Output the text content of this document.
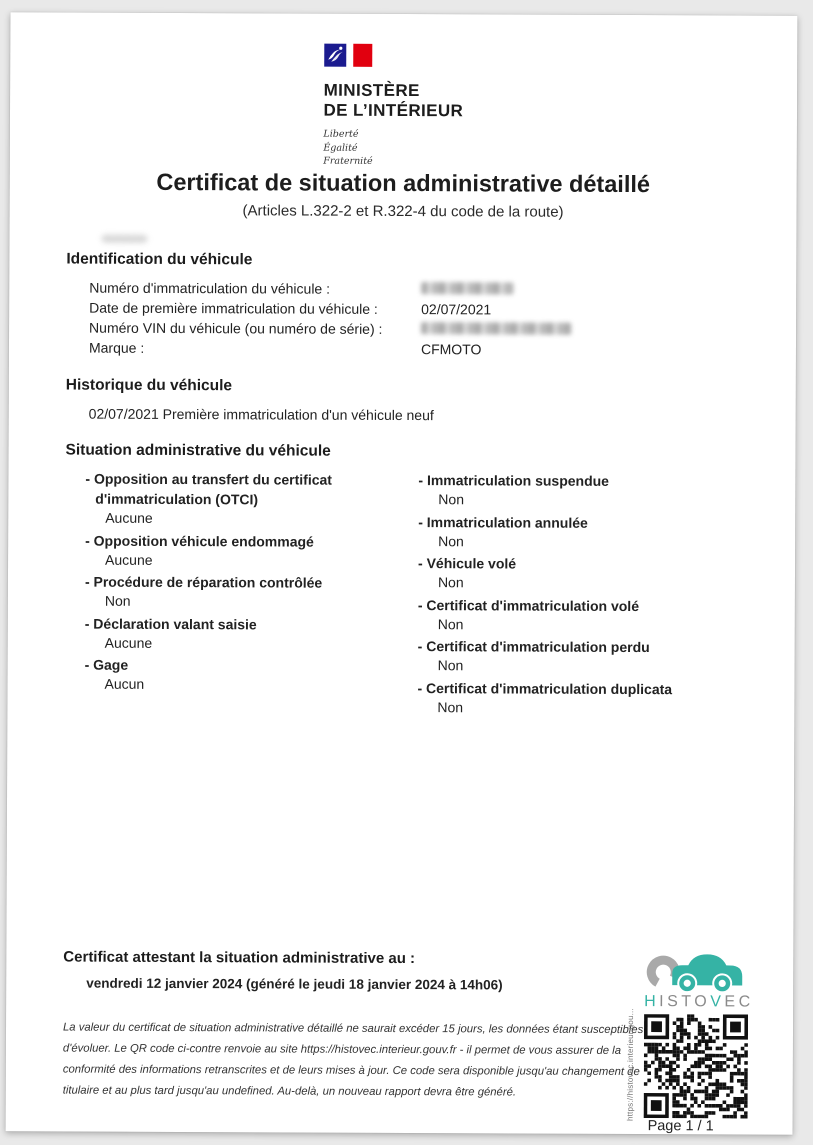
MINISTÈRE
DE L’INTÉRIEUR
Liberté
Égalité
Fraternité
Certificat de situation administrative détaillé
(Articles L.322-2 et R.322-4 du code de la route)
Identification du véhicule
Numéro d'immatriculation du véhicule :
Date de première immatriculation du véhicule :	02/07/2021
Numéro VIN du véhicule (ou numéro de série) :
Marque :	CFMOTO
Historique du véhicule
02/07/2021 Première immatriculation d'un véhicule neuf
Situation administrative du véhicule
- Opposition au transfert du certificat d'immatriculation (OTCI)
Aucune
- Opposition véhicule endommagé
Aucune
- Procédure de réparation contrôlée
Non
- Déclaration valant saisie
Aucune
- Gage
Aucun
- Immatriculation suspendue
Non
- Immatriculation annulée
Non
- Véhicule volé
Non
- Certificat d'immatriculation volé
Non
- Certificat d'immatriculation perdu
Non
- Certificat d'immatriculation duplicata
Non
Certificat attestant la situation administrative au :
vendredi 12 janvier 2024 (généré le jeudi 18 janvier 2024 à 14h06)
La valeur du certificat de situation administrative détaillé ne saurait excéder 15 jours, les données étant susceptibles d'évoluer. Le QR code ci-contre renvoie au site https://histovec.interieur.gouv.fr - il permet de vous assurer de la conformité des informations retranscrites et de leurs mises à jour. Ce code sera disponible jusqu'au changement de titulaire et au plus tard jusqu'au undefined. Au-delà, un nouveau rapport devra être généré.
HISTOVEC
https://histovec.interieur.gou...
Page 1 / 1
